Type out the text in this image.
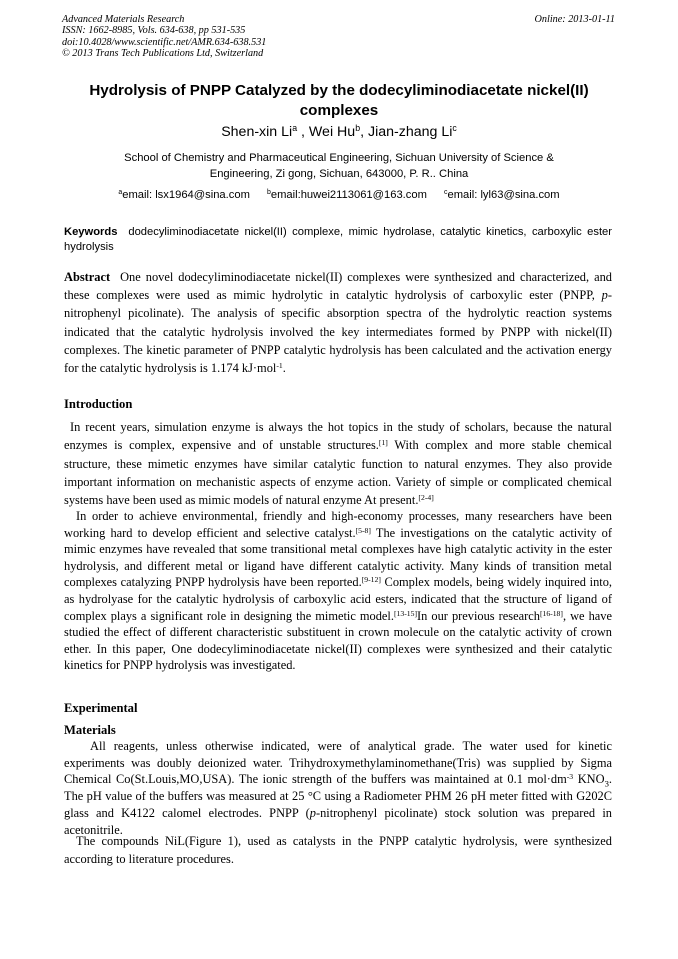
Advanced Materials Research
ISSN: 1662-8985, Vols. 634-638, pp 531-535
doi:10.4028/www.scientific.net/AMR.634-638.531
© 2013 Trans Tech Publications Ltd, Switzerland
Online: 2013-01-11
Hydrolysis of PNPP Catalyzed by the dodecyliminodiacetate nickel(II) complexes
Shen-xin Li$^a$ , Wei Hu$^b$, Jian-zhang Li$^c$
School of Chemistry and Pharmaceutical Engineering, Sichuan University of Science & Engineering, Zi gong, Sichuan, 643000, P. R.. China
$^a$email: lsx1964@sina.com $^b$email:huwei2113061@163.com $^c$email: lyl63@sina.com
Keywords dodecyliminodiacetate nickel(II) complexe, mimic hydrolase, catalytic kinetics, carboxylic ester hydrolysis
Abstract One novel dodecyliminodiacetate nickel(II) complexes were synthesized and characterized, and these complexes were used as mimic hydrolytic in catalytic hydrolysis of carboxylic ester (PNPP, p-nitrophenyl picolinate). The analysis of specific absorption spectra of the hydrolytic reaction systems indicated that the catalytic hydrolysis involved the key intermediates formed by PNPP with nickel(II) complexes. The kinetic parameter of PNPP catalytic hydrolysis has been calculated and the activation energy for the catalytic hydrolysis is 1.174 kJ·mol$^{-1}$.
Introduction
In recent years, simulation enzyme is always the hot topics in the study of scholars, because the natural enzymes is complex, expensive and of unstable structures.[1] With complex and more stable chemical structure, these mimetic enzymes have similar catalytic function to natural enzymes. They also provide important information on mechanistic aspects of enzyme action. Variety of simple or complicated chemical systems have been used as mimic models of natural enzyme At present.[2-4]
In order to achieve environmental, friendly and high-economy processes, many researchers have been working hard to develop efficient and selective catalyst.[5-8] The investigations on the catalytic activity of mimic enzymes have revealed that some transitional metal complexes have high catalytic activity in the ester hydrolysis, and different metal or ligand have different catalytic activity. Many kinds of transition metal complexes catalyzing PNPP hydrolysis have been reported.[9-12] Complex models, being widely inquired into, as hydrolyase for the catalytic hydrolysis of carboxylic acid esters, indicated that the structure of ligand of complex plays a significant role in designing the mimetic model.[13-15]In our previous research[16-18], we have studied the effect of different characteristic substituent in crown molecule on the catalytic activity of crown ether. In this paper, One dodecyliminodiacetate nickel(II) complexes were synthesized and their catalytic kinetics for PNPP hydrolysis was investigated.
Experimental
Materials
All reagents, unless otherwise indicated, were of analytical grade. The water used for kinetic experiments was doubly deionized water. Trihydroxymethylaminomethane(Tris) was supplied by Sigma Chemical Co(St.Louis,MO,USA). The ionic strength of the buffers was maintained at 0.1 $mol\cdot dm^{-3}$ $KNO_3$. The pH value of the buffers was measured at 25 °C using a Radiometer PHM 26 pH meter fitted with G202C glass and K4122 calomel electrodes. PNPP (p-nitrophenyl picolinate) stock solution was prepared in acetonitrile.
The compounds NiL(Figure 1), used as catalysts in the PNPP catalytic hydrolysis, were synthesized according to literature procedures.
